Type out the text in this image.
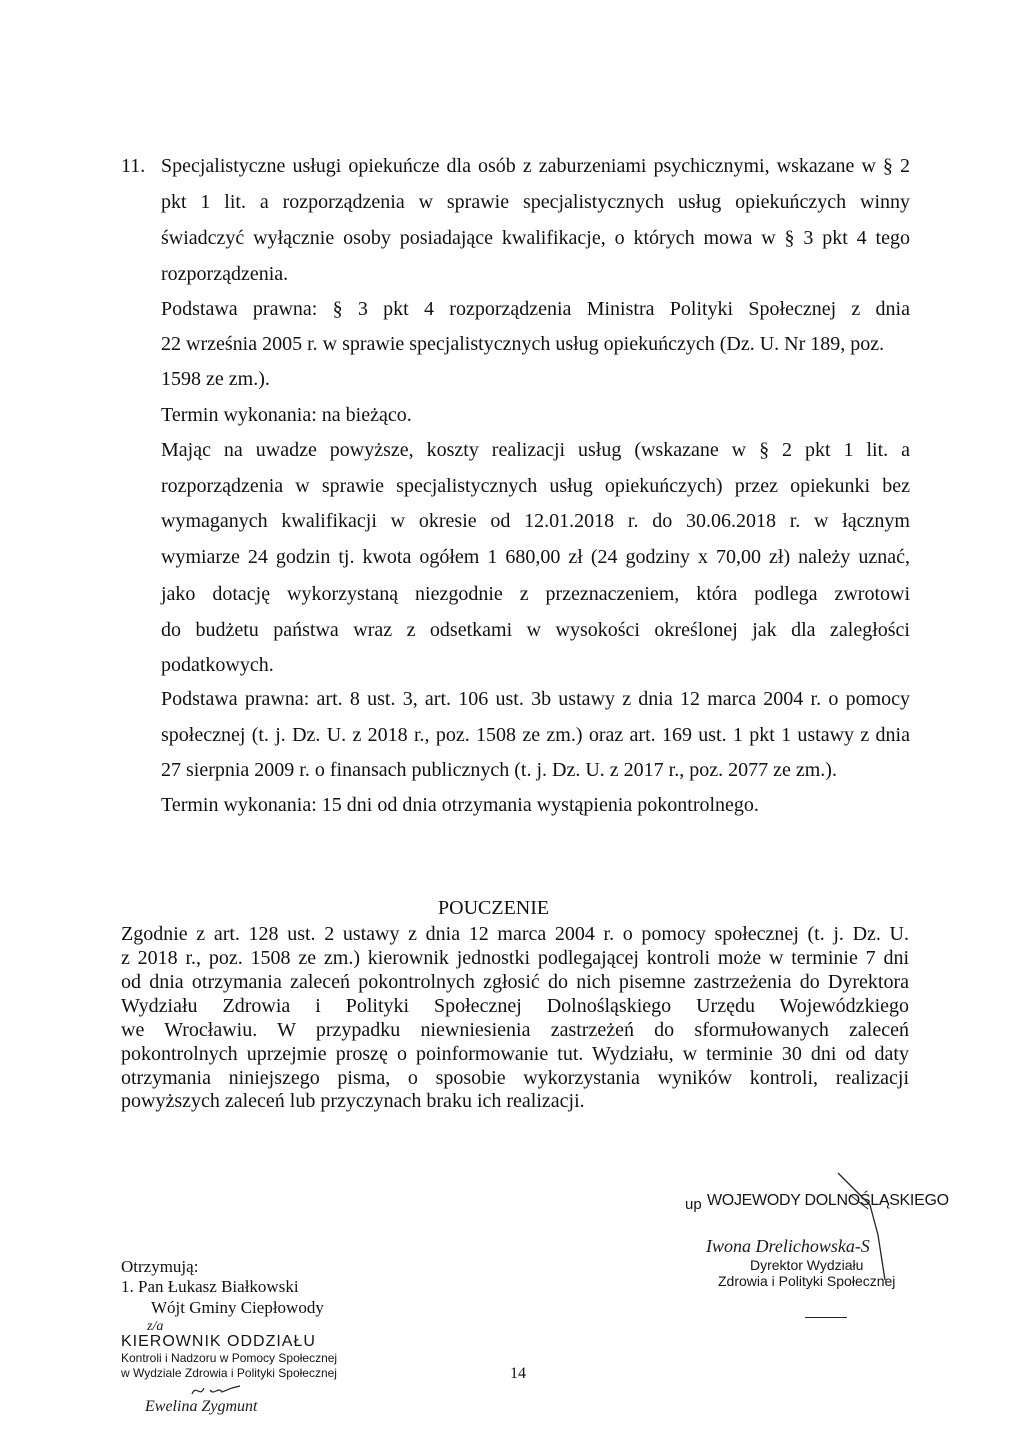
11. Specjalistyczne usługi opiekuńcze dla osób z zaburzeniami psychicznymi, wskazane w § 2
pkt 1 lit. a rozporządzenia w sprawie specjalistycznych usług opiekuńczych winny
świadczyć wyłącznie osoby posiadające kwalifikacje, o których mowa w § 3 pkt 4 tego
rozporządzenia.
Podstawa prawna: § 3 pkt 4 rozporządzenia Ministra Polityki Społecznej z dnia
22 września 2005 r. w sprawie specjalistycznych usług opiekuńczych (Dz. U. Nr 189, poz.
1598 ze zm.).
Termin wykonania: na bieżąco.
Mając na uwadze powyższe, koszty realizacji usług (wskazane w § 2 pkt 1 lit. a
rozporządzenia w sprawie specjalistycznych usług opiekuńczych) przez opiekunki bez
wymaganych kwalifikacji w okresie od 12.01.2018 r. do 30.06.2018 r. w łącznym
wymiarze 24 godzin tj. kwota ogółem 1 680,00 zł (24 godziny x 70,00 zł) należy uznać,
jako dotację wykorzystaną niezgodnie z przeznaczeniem, która podlega zwrotowi
do budżetu państwa wraz z odsetkami w wysokości określonej jak dla zaległości
podatkowych.
Podstawa prawna: art. 8 ust. 3, art. 106 ust. 3b ustawy z dnia 12 marca 2004 r. o pomocy
społecznej (t. j. Dz. U. z 2018 r., poz. 1508 ze zm.) oraz art. 169 ust. 1 pkt 1 ustawy z dnia
27 sierpnia 2009 r. o finansach publicznych (t. j. Dz. U. z 2017 r., poz. 2077 ze zm.).
Termin wykonania: 15 dni od dnia otrzymania wystąpienia pokontrolnego.
POUCZENIE
Zgodnie z art. 128 ust. 2 ustawy z dnia 12 marca 2004 r. o pomocy społecznej (t. j. Dz. U.
z 2018 r., poz. 1508 ze zm.) kierownik jednostki podlegającej kontroli może w terminie 7 dni
od dnia otrzymania zaleceń pokontrolnych zgłosić do nich pisemne zastrzeżenia do Dyrektora
Wydziału Zdrowia i Polityki Społecznej Dolnośląskiego Urzędu Wojewódzkiego
we Wrocławiu. W przypadku niewniesienia zastrzeżeń do sformułowanych zaleceń
pokontrolnych uprzejmie proszę o poinformowanie tut. Wydziału, w terminie 30 dni od daty
otrzymania niniejszego pisma, o sposobie wykorzystania wyników kontroli, realizacji
powyższych zaleceń lub przyczynach braku ich realizacji.
up WOJEWODY DOLNOŚLĄSKIEGO
Iwona Drelichowska-S
Dyrektor Wydziału
Zdrowia i Polityki Społecznej
Otrzymują:
1. Pan Łukasz Białkowski
Wójt Gminy Ciepłowody
z/a
KIEROWNIK ODDZIAŁU
Kontroli i Nadzoru w Pomocy Społecznej
w Wydziale Zdrowia i Polityki Społecznej
Ewelina Zygmunt
14
